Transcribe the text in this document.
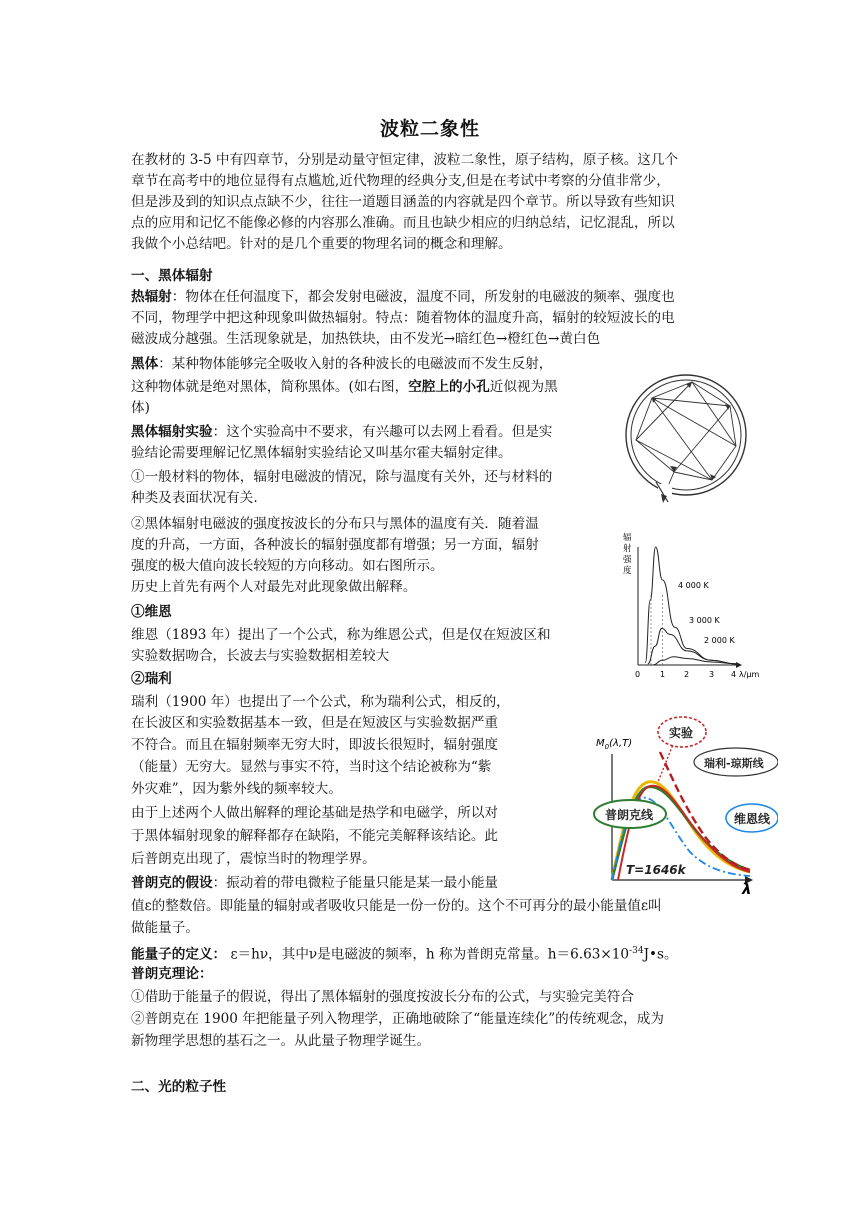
波粒二象性
在教材的 3-5 中有四章节，分别是动量守恒定律，波粒二象性，原子结构，原子核。这几个
章节在高考中的地位显得有点尴尬,近代物理的经典分支,但是在考试中考察的分值非常少，
但是涉及到的知识点点缺不少，往往一道题目涵盖的内容就是四个章节。所以导致有些知识
点的应用和记忆不能像必修的内容那么准确。而且也缺少相应的归纳总结，记忆混乱，所以
我做个小总结吧。针对的是几个重要的物理名词的概念和理解。
一、黑体辐射
热辐射：物体在任何温度下，都会发射电磁波，温度不同，所发射的电磁波的频率、强度也
不同，物理学中把这种现象叫做热辐射。特点：随着物体的温度升高，辐射的较短波长的电
磁波成分越强。生活现象就是，加热铁块，由不发光→暗红色→橙红色→黄白色
黑体：某种物体能够完全吸收入射的各种波长的电磁波而不发生反射，
这种物体就是绝对黑体，简称黑体。(如右图，空腔上的小孔近似视为黑
体)
黑体辐射实验：这个实验高中不要求，有兴趣可以去网上看看。但是实
验结论需要理解记忆黑体辐射实验结论又叫基尔霍夫辐射定律。
①一般材料的物体，辐射电磁波的情况，除与温度有关外，还与材料的
种类及表面状况有关.
②黑体辐射电磁波的强度按波长的分布只与黑体的温度有关．随着温
度的升高，一方面，各种波长的辐射强度都有增强；另一方面，辐射
强度的极大值向波长较短的方向移动。如右图所示。
历史上首先有两个人对最先对此现象做出解释。
①维恩
维恩（1893 年）提出了一个公式，称为维恩公式，但是仅在短波区和
实验数据吻合，长波去与实验数据相差较大
②瑞利
瑞利（1900 年）也提出了一个公式，称为瑞利公式，相反的，
在长波区和实验数据基本一致，但是在短波区与实验数据严重
不符合。而且在辐射频率无穷大时，即波长很短时，辐射强度
（能量）无穷大。显然与事实不符，当时这个结论被称为“紫
外灾难”，因为紫外线的频率较大。
由于上述两个人做出解释的理论基础是热学和电磁学，所以对
于黑体辐射现象的解释都存在缺陷，不能完美解释该结论。此
后普朗克出现了，震惊当时的物理学界。
普朗克的假设：振动着的带电微粒子能量只能是某一最小能量
值ε的整数倍。即能量的辐射或者吸收只能是一份一份的。这个不可再分的最小能量值ε叫
做能量子。
能量子的定义： ε＝hν，其中ν是电磁波的频率，h 称为普朗克常量。$h=6.63\times 10^{-34}J•s$。
普朗克理论：
①借助于能量子的假说，得出了黑体辐射的强度按波长分布的公式，与实验完美符合
②普朗克在 1900 年把能量子列入物理学，正确地破除了“能量连续化”的传统观念，成为
新物理学思想的基石之一。从此量子物理学诞生。
二、光的粒子性
辐
射
强
度
4 000 K
3 000 K
2 000 K
0 1 2 3 4 λ/μm
$M_0(\lambda,T)$
λ
实验
瑞利-琼斯线
普朗克线	维恩线
T=1646k
